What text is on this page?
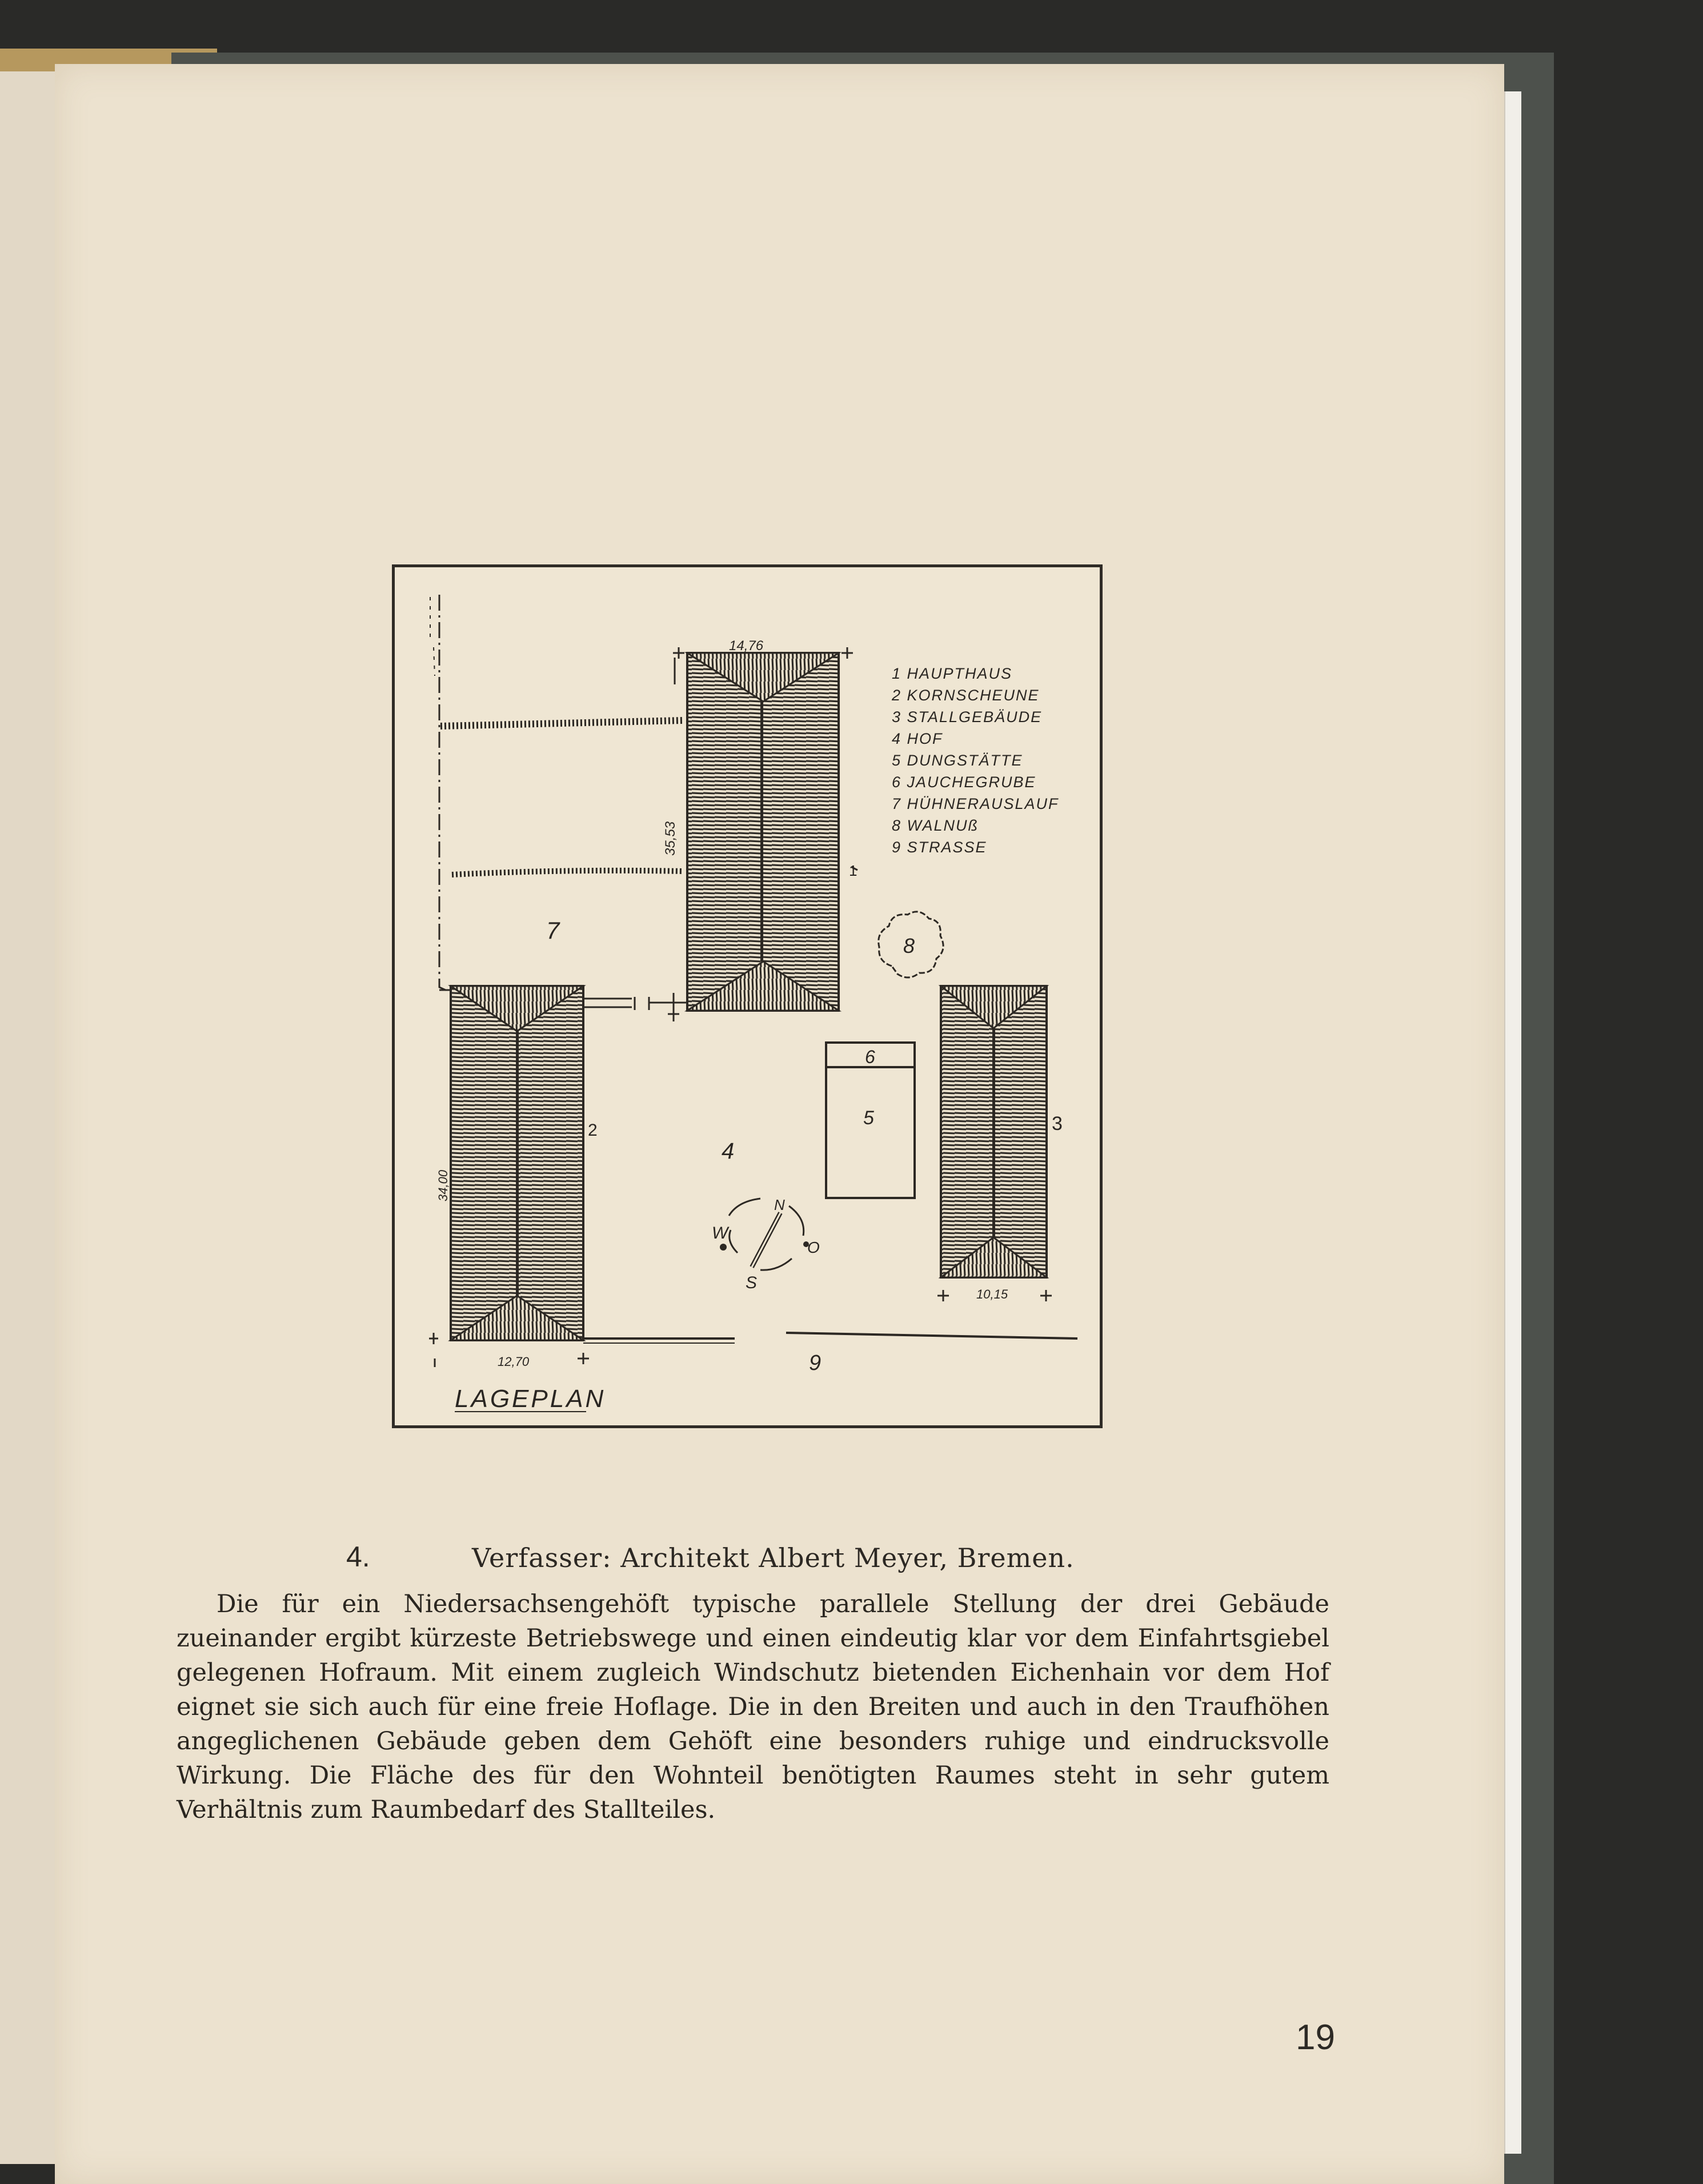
14,76
35,53
12,70
34,00
10,15
1
2	3
4
5
6
7
8
9
N
S
W
O
1 HAUPTHAUS
2 KORNSCHEUNE
3 STALLGEBÄUDE
4 HOF
5 DUNGSTÄTTE
6 JAUCHEGRUBE
7 HÜHNERAUSLAUF
8 WALNUß
9 STRASSE
LAGEPLAN
4.	Verfasser: Architekt Albert Meyer, Bremen.
Die für ein Niedersachsengehöft typische parallele Stellung der drei Gebäude zueinander ergibt kürzeste Betriebswege und einen eindeutig klar vor dem Einfahrtsgiebel gelegenen Hofraum. Mit einem zugleich Windschutz bietenden Eichenhain vor dem Hof eignet sie sich auch für eine freie Hoflage. Die in den Breiten und auch in den Traufhöhen angeglichenen Gebäude geben dem Gehöft eine besonders ruhige und eindrucksvolle Wirkung. Die Fläche des für den Wohnteil benötigten Raumes steht in sehr gutem Verhältnis zum Raumbedarf des Stallteiles.
19
